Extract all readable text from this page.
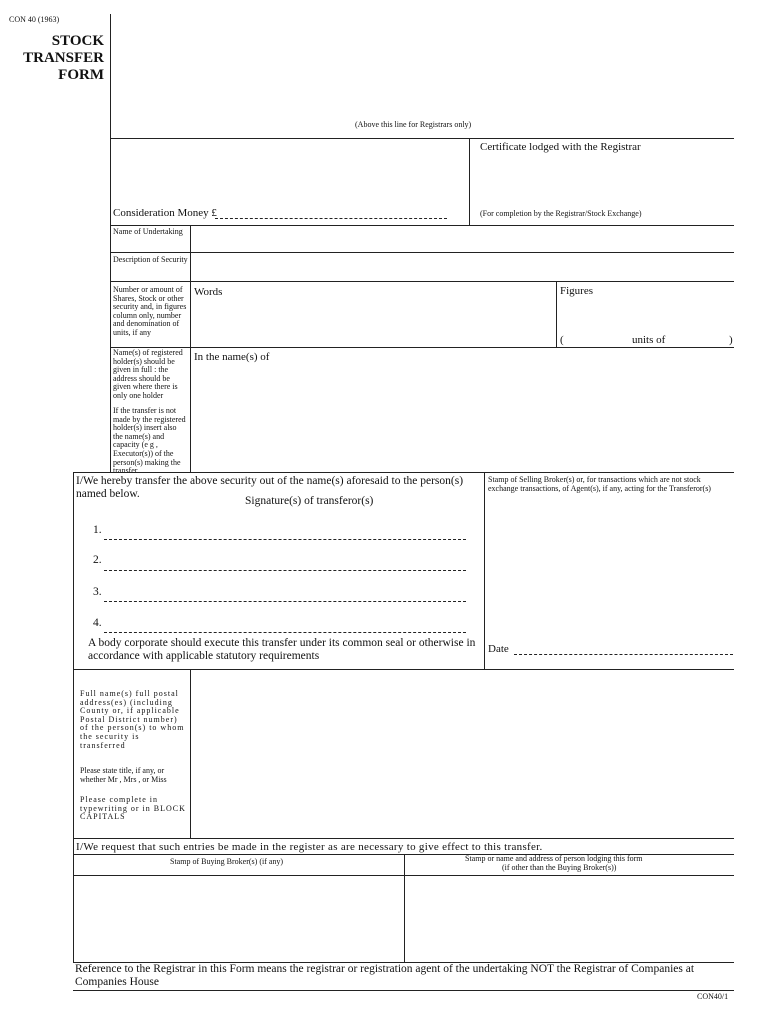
CON 40 (1963)
STOCK
TRANSFER
FORM
(Above this line for Registrars only)
Certificate lodged with the Registrar
Consideration Money £	(For completion by the Registrar/Stock Exchange)
Name of Undertaking
Description of Security
Number or amount of Shares, Stock or other security and, in figures column only, number and denomination of units, if any
Words	Figures
(	units of	)
Name(s) of registered holder(s) should be given in full : the address should be given where there is only one holder
If the transfer is not made by the registered holder(s) insert also the name(s) and capacity (e g , Executor(s)) of the person(s) making the transfer
In the name(s) of
I/We hereby transfer the above security out of the name(s) aforesaid to the person(s) named below.
Signature(s) of transferor(s)
1.
2.
3.
4.
A body corporate should execute this transfer under its common seal or otherwise in accordance with applicable statutory requirements
Stamp of Selling Broker(s) or, for transactions which are not stock exchange transactions, of Agent(s), if any, acting for the Transferor(s)
Date
Full name(s) full postal address(es) (including County or, if applicable Postal District number) of the person(s) to whom the security is transferred
Please state title, if any, or whether Mr , Mrs , or Miss
Please complete in typewriting or in BLOCK CAPITALS
I/We request that such entries be made in the register as are necessary to give effect to this transfer.
Stamp of Buying Broker(s) (if any)	Stamp or name and address of person lodging this form
(if other than the Buying Broker(s))
Reference to the Registrar in this Form means the registrar or registration agent of the undertaking NOT the Registrar of Companies at Companies House
CON40/1
